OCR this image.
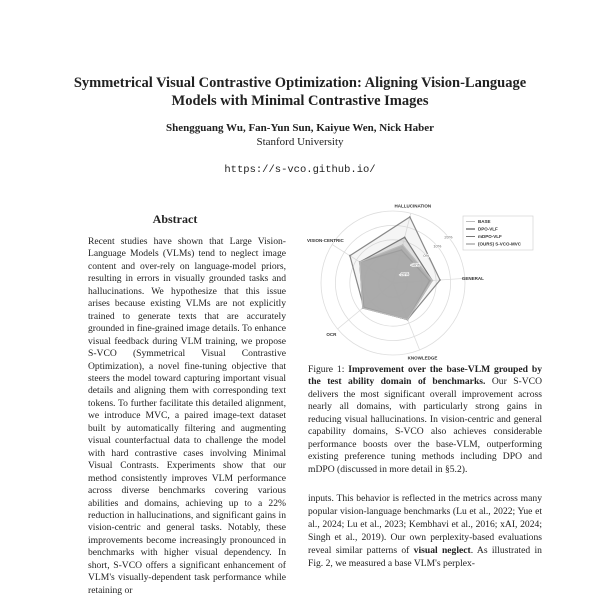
Symmetrical Visual Contrastive Optimization: Aligning Vision-Language Models with Minimal Contrastive Images
Shengguang Wu, Fan-Yun Sun, Kaiyue Wen, Nick Haber
Stanford University
https://s-vco.github.io/
Abstract
Recent studies have shown that Large Vision-Language Models (VLMs) tend to neglect image content and over-rely on language-model priors, resulting in errors in visually grounded tasks and hallucinations. We hypothesize that this issue arises because existing VLMs are not explicitly trained to generate texts that are accurately grounded in fine-grained image details. To enhance visual feedback during VLM training, we propose S-VCO (Symmetrical Visual Contrastive Optimization), a novel fine-tuning objective that steers the model toward capturing important visual details and aligning them with corresponding text tokens. To further facilitate this detailed alignment, we introduce MVC, a paired image-text dataset built by automatically filtering and augmenting visual counterfactual data to challenge the model with hard contrastive cases involving Minimal Visual Contrasts. Experiments show that our method consistently improves VLM performance across diverse benchmarks covering various abilities and domains, achieving up to a 22% reduction in hallucinations, and significant gains in vision-centric and general tasks. Notably, these improvements become increasingly pronounced in benchmarks with higher visual dependency. In short, S-VCO offers a significant enhancement of VLM's visually-dependent task performance while retaining or
HALLUCINATION
GENERAL
KNOWLEDGE
OCR
VISION-CENTRIC
-20%
-10%
0%
10%
20%
BASE
DPO-VLF
mDPO-VLF
(OURS) S-VCO-MVC
Figure 1: Improvement over the base-VLM grouped by the test ability domain of benchmarks. Our S-VCO delivers the most significant overall improvement across nearly all domains, with particularly strong gains in reducing visual hallucinations. In vision-centric and general capability domains, S-VCO also achieves considerable performance boosts over the base-VLM, outperforming existing preference tuning methods including DPO and mDPO (discussed in more detail in §5.2).
inputs. This behavior is reflected in the metrics across many popular vision-language benchmarks (Lu et al., 2022; Yue et al., 2024; Lu et al., 2023; Kembhavi et al., 2016; xAI, 2024; Singh et al., 2019). Our own perplexity-based evaluations reveal similar patterns of visual neglect. As illustrated in Fig. 2, we measured a base VLM's perplex-
